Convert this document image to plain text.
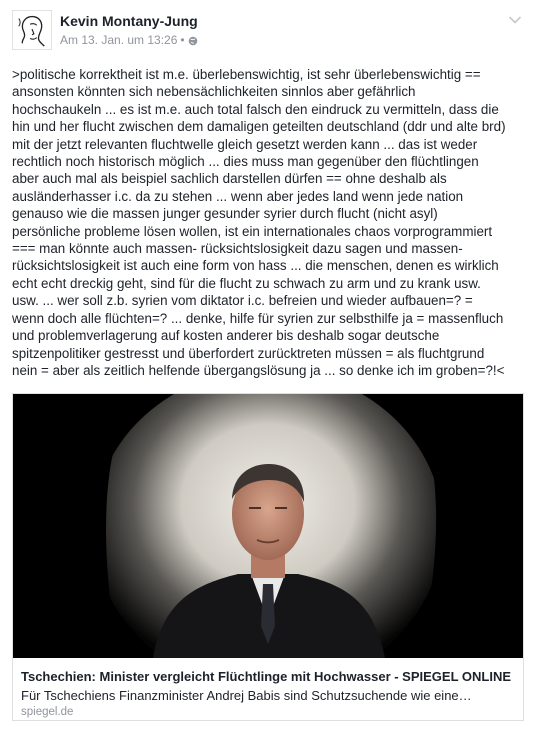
Kevin Montany-Jung
Am 13. Jan. um 13:26 •
>politische korrektheit ist m.e. überlebenswichtig, ist sehr überlebenswichtig ==
ansonsten könnten sich nebensächlichkeiten sinnlos aber gefährlich
hochschaukeln ... es ist m.e. auch total falsch den eindruck zu vermitteln, dass die
hin und her flucht zwischen dem damaligen geteilten deutschland (ddr und alte brd)
mit der jetzt relevanten fluchtwelle gleich gesetzt werden kann ... das ist weder
rechtlich noch historisch möglich ... dies muss man gegenüber den flüchtlingen
aber auch mal als beispiel sachlich darstellen dürfen == ohne deshalb als
ausländerhasser i.c. da zu stehen ... wenn aber jedes land wenn jede nation
genauso wie die massen junger gesunder syrier durch flucht (nicht asyl)
persönliche probleme lösen wollen, ist ein internationales chaos vorprogrammiert
=== man könnte auch massen- rücksichtslosigkeit dazu sagen und massen-
rücksichtslosigkeit ist auch eine form von hass ... die menschen, denen es wirklich
echt echt dreckig geht, sind für die flucht zu schwach zu arm und zu krank usw.
usw. ... wer soll z.b. syrien vom diktator i.c. befreien und wieder aufbauen=? =
wenn doch alle flüchten=? ... denke, hilfe für syrien zur selbsthilfe ja = massenfluch
und problemverlagerung auf kosten anderer bis deshalb sogar deutsche
spitzenpolitiker gestresst und überfordert zurücktreten müssen = als fluchtgrund
nein = aber als zeitlich helfende übergangslösung ja ... so denke ich im groben=?!<
Tschechien: Minister vergleicht Flüchtlinge mit Hochwasser - SPIEGEL ONLINE
Für Tschechiens Finanzminister Andrej Babis sind Schutzsuchende wie eine…
spiegel.de
